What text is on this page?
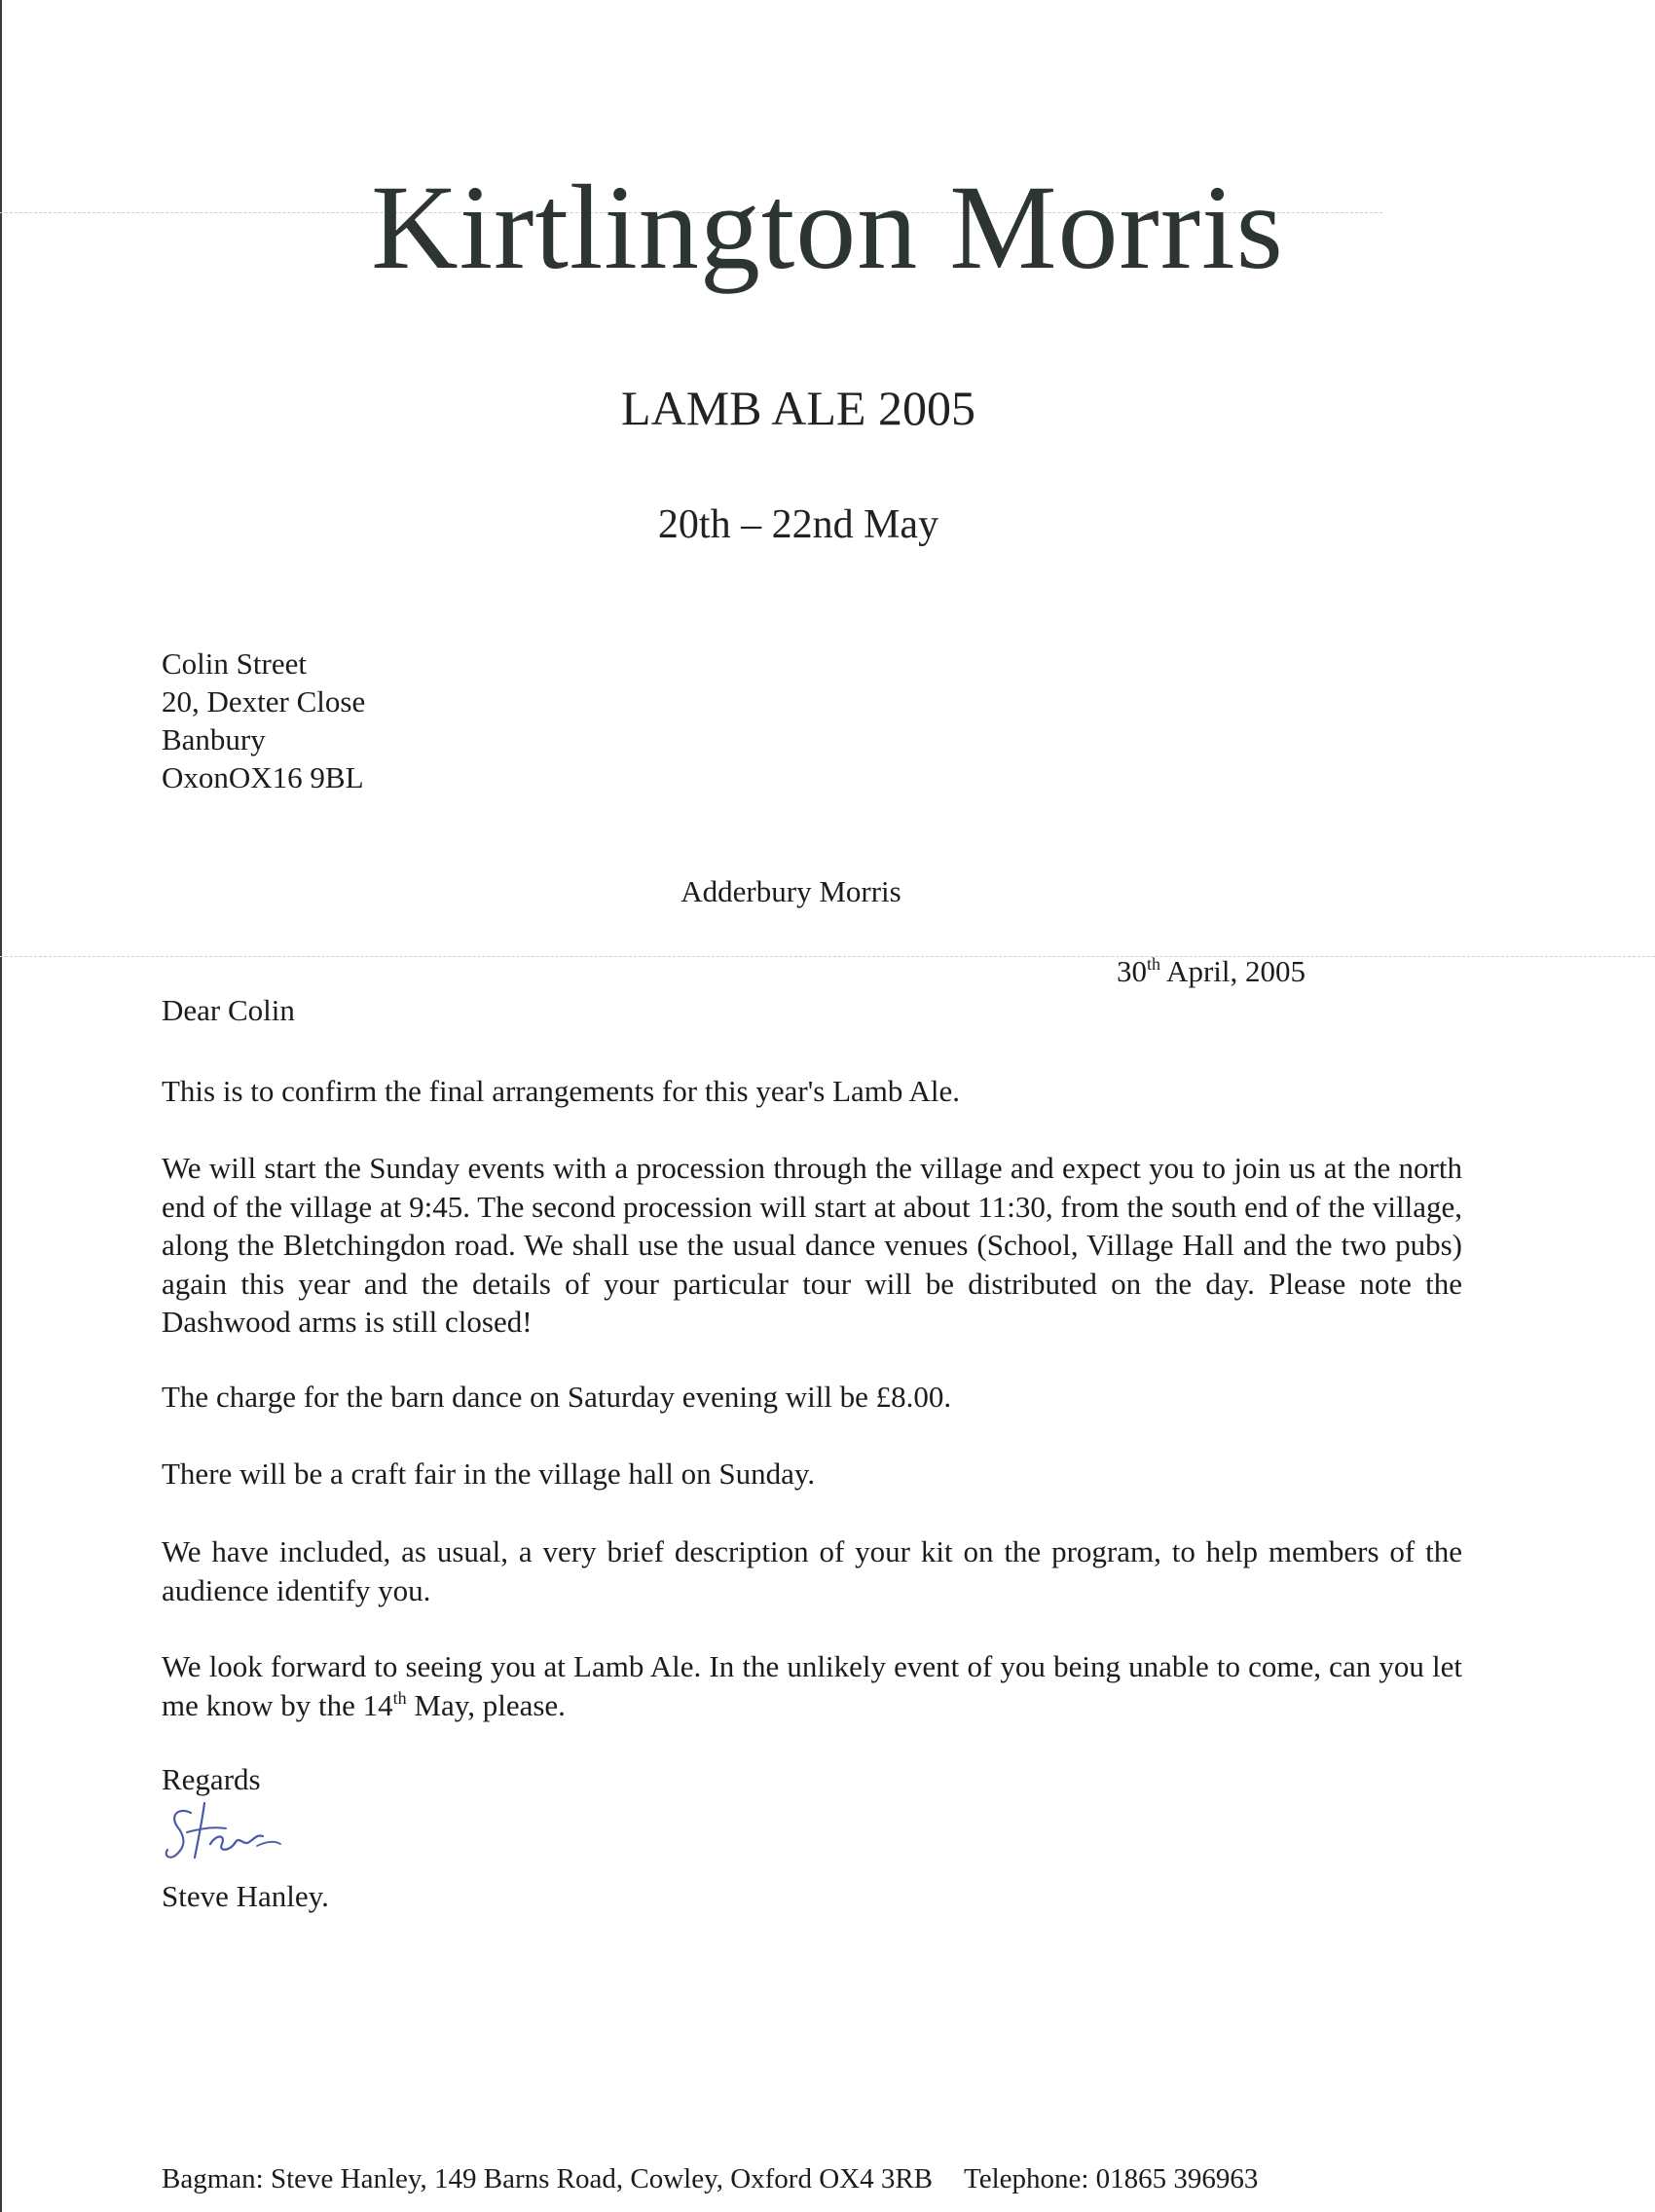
Kirtlington Morris
LAMB ALE 2005
20th – 22nd May
Colin Street
20, Dexter Close
Banbury
OxonOX16 9BL
Adderbury Morris
30th April, 2005
Dear Colin

This is to confirm the final arrangements for this year's Lamb Ale.

We will start the Sunday events with a procession through the village and expect you to join us at the north end of the village at 9:45. The second procession will start at about 11:30, from the south end of the village, along the Bletchingdon road. We shall use the usual dance venues (School, Village Hall and the two pubs) again this year and the details of your particular tour will be distributed on the day. Please note the Dashwood arms is still closed!

The charge for the barn dance on Saturday evening will be £8.00.

There will be a craft fair in the village hall on Sunday.

We have included, as usual, a very brief description of your kit on the program, to help members of the audience identify you.

We look forward to seeing you at Lamb Ale. In the unlikely event of you being unable to come, can you let me know by the 14th May, please.

Regards
Steve Hanley.
Bagman: Steve Hanley, 149 Barns Road, Cowley, Oxford OX4 3RB Telephone: 01865 396963
